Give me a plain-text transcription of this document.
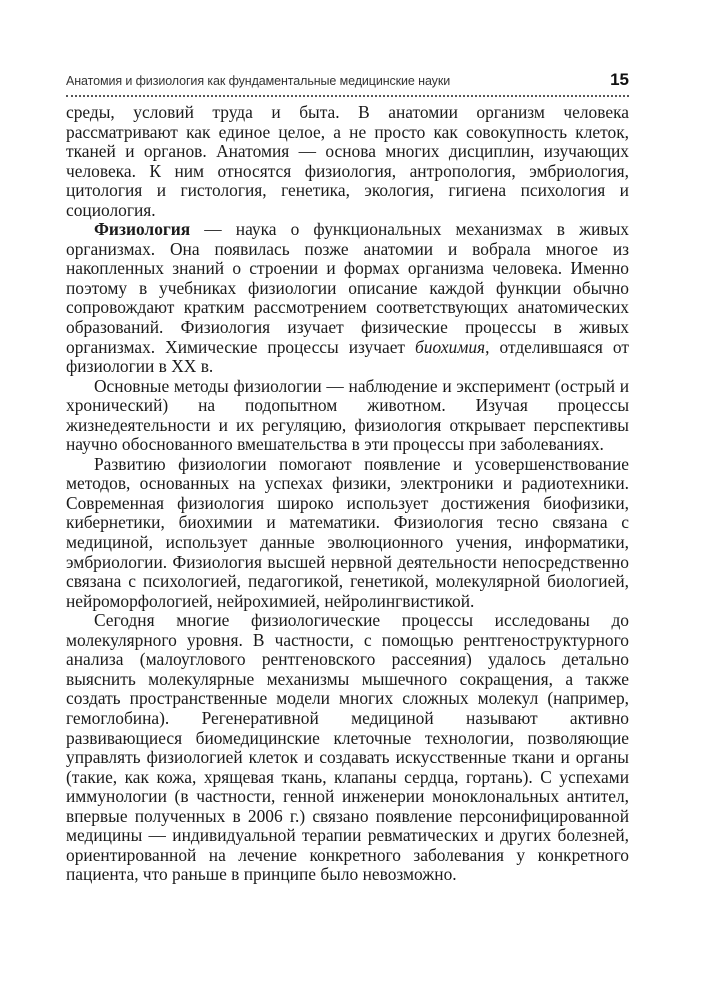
Анатомия и физиология как фундаментальные медицинские науки	15

среды, условий труда и быта. В анатомии организм человека рассматривают как единое целое, а не просто как совокупность клеток, тканей и органов. Анатомия — основа многих дисциплин, изучающих человека. К ним относятся физиология, антропология, эмбриология, цитология и гистология, генетика, экология, гигиена психология и социология.

Физиология — наука о функциональных механизмах в живых организмах. Она появилась позже анатомии и вобрала многое из накопленных знаний о строении и формах организма человека. Именно поэтому в учебниках физиологии описание каждой функции обычно сопровождают кратким рассмотрением соответствующих анатомических образований. Физиология изучает физические процессы в живых организмах. Химические процессы изучает биохимия, отделившаяся от физиологии в XX в.

Основные методы физиологии — наблюдение и эксперимент (острый и хронический) на подопытном животном. Изучая процессы жизнедеятельности и их регуляцию, физиология открывает перспективы научно обоснованного вмешательства в эти процессы при заболеваниях.

Развитию физиологии помогают появление и усовершенствование методов, основанных на успехах физики, электроники и радиотехники. Современная физиология широко использует достижения биофизики, кибернетики, биохимии и математики. Физиология тесно связана с медициной, использует данные эволюционного учения, информатики, эмбриологии. Физиология высшей нервной деятельности непосредственно связана с психологией, педагогикой, генетикой, молекулярной биологией, нейроморфологией, нейрохимией, нейролингвистикой.

Сегодня многие физиологические процессы исследованы до молекулярного уровня. В частности, с помощью рентгеноструктурного анализа (малоуглового рентгеновского рассеяния) удалось детально выяснить молекулярные механизмы мышечного сокращения, а также создать пространственные модели многих сложных молекул (например, гемоглобина). Регенеративной медициной называют активно развивающиеся биомедицинские клеточные технологии, позволяющие управлять физиологией клеток и создавать искусственные ткани и органы (такие, как кожа, хрящевая ткань, клапаны сердца, гортань). С успехами иммунологии (в частности, генной инженерии моноклональных антител, впервые полученных в 2006 г.) связано появление персонифицированной медицины — индивидуальной терапии ревматических и других болезней, ориентированной на лечение конкретного заболевания у конкретного пациента, что раньше в принципе было невозможно.
